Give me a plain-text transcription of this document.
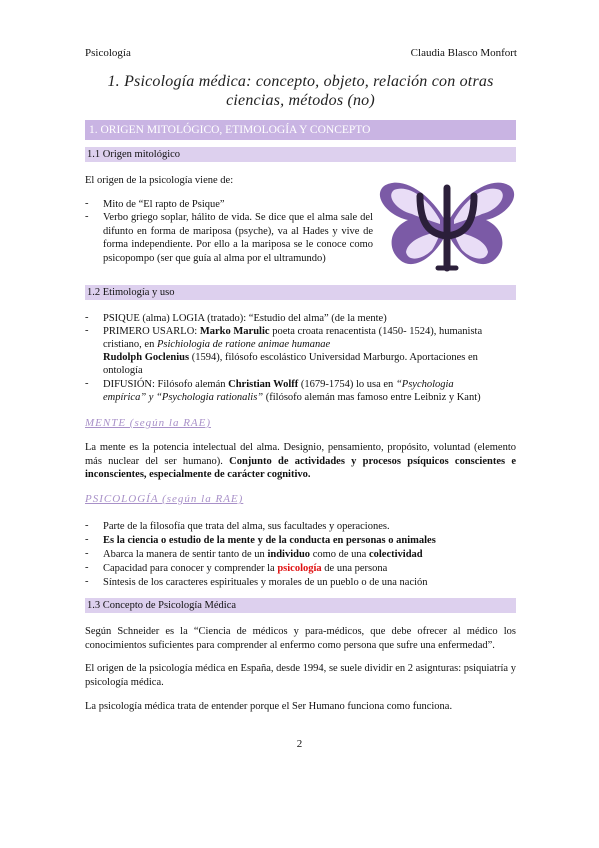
Psicología	Claudia Blasco Monfort
1. Psicología médica: concepto, objeto, relación con otras
ciencias, métodos (no)
1. ORIGEN MITOLÓGICO, ETIMOLOGÍA Y CONCEPTO
1.1 Origen mitológico
El origen de la psicología viene de:
- Mito de “El rapto de Psique”
- Verbo griego soplar, hálito de vida. Se dice que el alma sale del difunto en forma de mariposa (psyche), va al Hades y vive de forma independiente. Por ello a la mariposa se le conoce como psicopompo (ser que guía al alma por el ultramundo)
1.2 Etimología y uso
- PSIQUE (alma) LOGIA (tratado): “Estudio del alma” (de la mente)
- PRIMERO USARLO: Marko Marulic poeta croata renacentista (1450- 1524), humanista
cristiano, en Psichiologia de ratione animae humanae
Rudolph Goclenius (1594), filósofo escolástico Universidad Marburgo. Aportaciones en
ontología
- DIFUSIÓN: Filósofo alemán Christian Wolff (1679-1754) lo usa en “Psychologia
empírica” y “Psychologia rationalis” (filósofo alemán mas famoso entre Leibniz y Kant)
MENTE (según la RAE)
La mente es la potencia intelectual del alma. Designio, pensamiento, propósito, voluntad (elemento más nuclear del ser humano). Conjunto de actividades y procesos psíquicos conscientes e inconscientes, especialmente de carácter cognitivo.
PSICOLOGÍA (según la RAE)
- Parte de la filosofía que trata del alma, sus facultades y operaciones.
- Es la ciencia o estudio de la mente y de la conducta en personas o animales
- Abarca la manera de sentir tanto de un individuo como de una colectividad
- Capacidad para conocer y comprender la psicología de una persona
- Síntesis de los caracteres espirituales y morales de un pueblo o de una nación
1.3 Concepto de Psicología Médica
Según Schneider es la “Ciencia de médicos y para-médicos, que debe ofrecer al médico los conocimientos suficientes para comprender al enfermo como persona que sufre una enfermedad”.
El origen de la psicología médica en España, desde 1994, se suele dividir en 2 asignturas: psiquiatría y psicología médica.
La psicología médica trata de entender porque el Ser Humano funciona como funciona.
2
